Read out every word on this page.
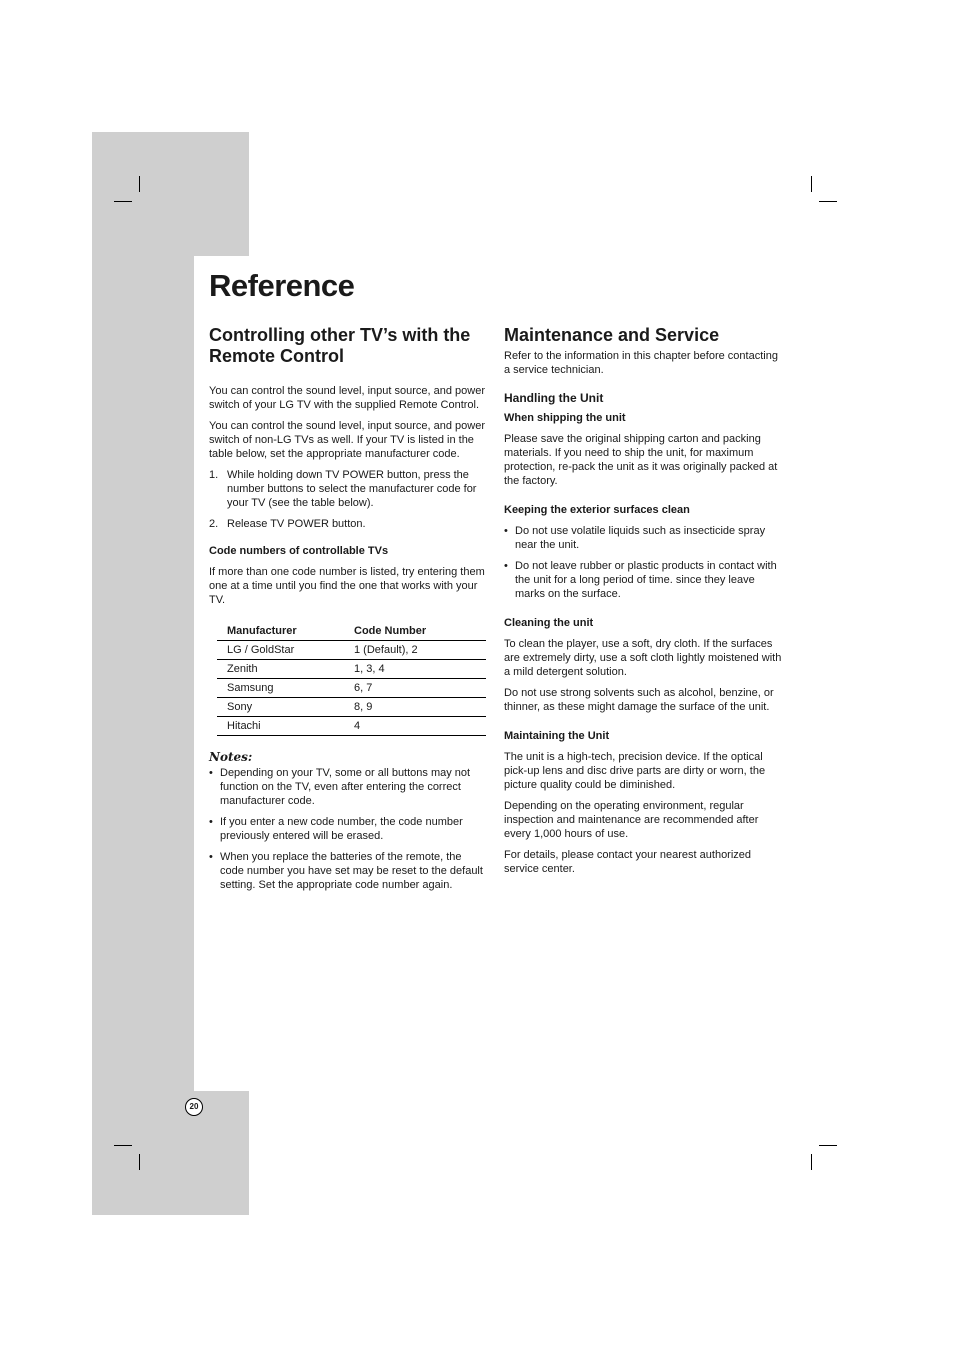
Reference
Controlling other TV’s with the Remote Control

You can control the sound level, input source, and power switch of your LG TV with the supplied Remote Control.

You can control the sound level, input source, and power switch of non-LG TVs as well. If your TV is listed in the table below, set the appropriate manufacturer code.

1. While holding down TV POWER button, press the number buttons to select the manufacturer code for your TV (see the table below).
2. Release TV POWER button.
Code numbers of controllable TVs

If more than one code number is listed, try entering them one at a time until you find the one that works with your TV.

Manufacturer	Code Number
LG / GoldStar	1 (Default), 2
Zenith	1, 3, 4
Samsung	6, 7
Sony	8, 9
Hitachi	4
Notes:
• Depending on your TV, some or all buttons may not function on the TV, even after entering the correct manufacturer code.
• If you enter a new code number, the code number previously entered will be erased.
• When you replace the batteries of the remote, the code number you have set may be reset to the default setting. Set the appropriate code number again.
Maintenance and Service

Refer to the information in this chapter before contacting a service technician.

Handling the Unit
When shipping the unit

Please save the original shipping carton and packing materials. If you need to ship the unit, for maximum protection, re-pack the unit as it was originally packed at the factory.

Keeping the exterior surfaces clean
• Do not use volatile liquids such as insecticide spray near the unit.
• Do not leave rubber or plastic products in contact with the unit for a long period of time. since they leave marks on the surface.
Cleaning the unit

To clean the player, use a soft, dry cloth. If the surfaces are extremely dirty, use a soft cloth lightly moistened with a mild detergent solution.

Do not use strong solvents such as alcohol, benzine, or thinner, as these might damage the surface of the unit.

Maintaining the Unit

The unit is a high-tech, precision device. If the optical pick-up lens and disc drive parts are dirty or worn, the picture quality could be diminished.

Depending on the operating environment, regular inspection and maintenance are recommended after every 1,000 hours of use.

For details, please contact your nearest authorized service center.

20
